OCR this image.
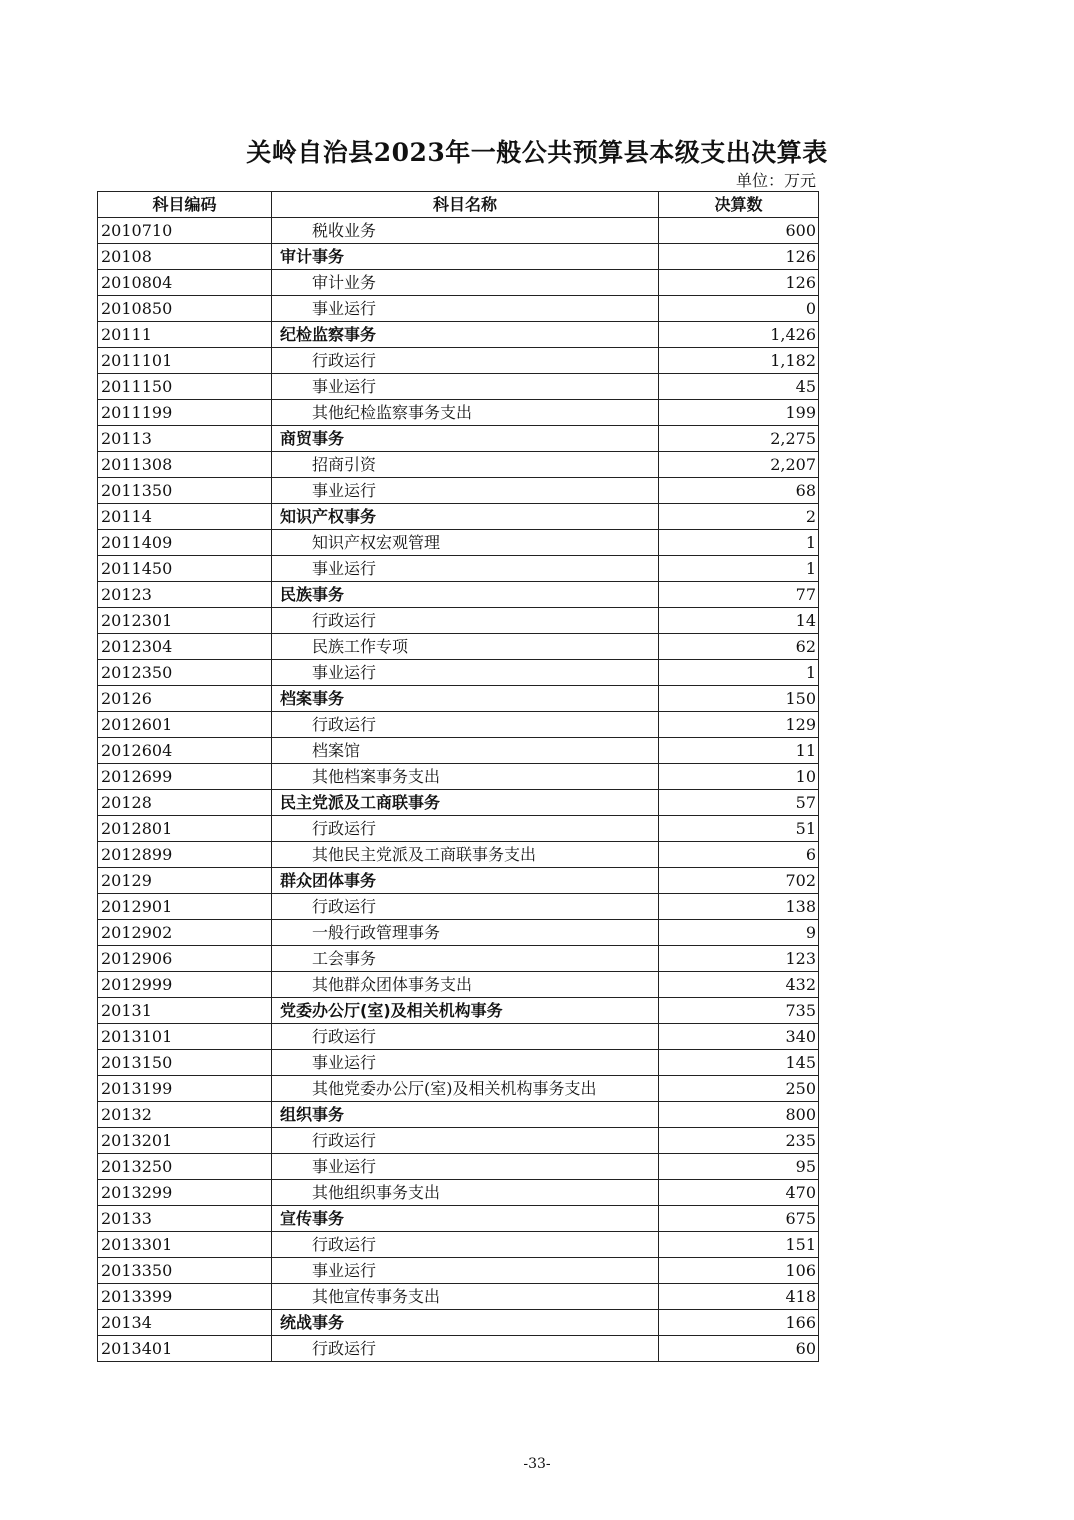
关岭自治县2023年一般公共预算县本级支出决算表
单位：万元
科目编码	科目名称	决算数
2010710	税收业务	600
20108	审计事务	126
2010804	审计业务	126
2010850	事业运行	0
20111	纪检监察事务	1,426
2011101	行政运行	1,182
2011150	事业运行	45
2011199	其他纪检监察事务支出	199
20113	商贸事务	2,275
2011308	招商引资	2,207
2011350	事业运行	68
20114	知识产权事务	2
2011409	知识产权宏观管理	1
2011450	事业运行	1
20123	民族事务	77
2012301	行政运行	14
2012304	民族工作专项	62
2012350	事业运行	1
20126	档案事务	150
2012601	行政运行	129
2012604	档案馆	11
2012699	其他档案事务支出	10
20128	民主党派及工商联事务	57
2012801	行政运行	51
2012899	其他民主党派及工商联事务支出	6
20129	群众团体事务	702
2012901	行政运行	138
2012902	一般行政管理事务	9
2012906	工会事务	123
2012999	其他群众团体事务支出	432
20131	党委办公厅(室)及相关机构事务	735
2013101	行政运行	340
2013150	事业运行	145
2013199	其他党委办公厅(室)及相关机构事务支出	250
20132	组织事务	800
2013201	行政运行	235
2013250	事业运行	95
2013299	其他组织事务支出	470
20133	宣传事务	675
2013301	行政运行	151
2013350	事业运行	106
2013399	其他宣传事务支出	418
20134	统战事务	166
2013401	行政运行	60
-33-
